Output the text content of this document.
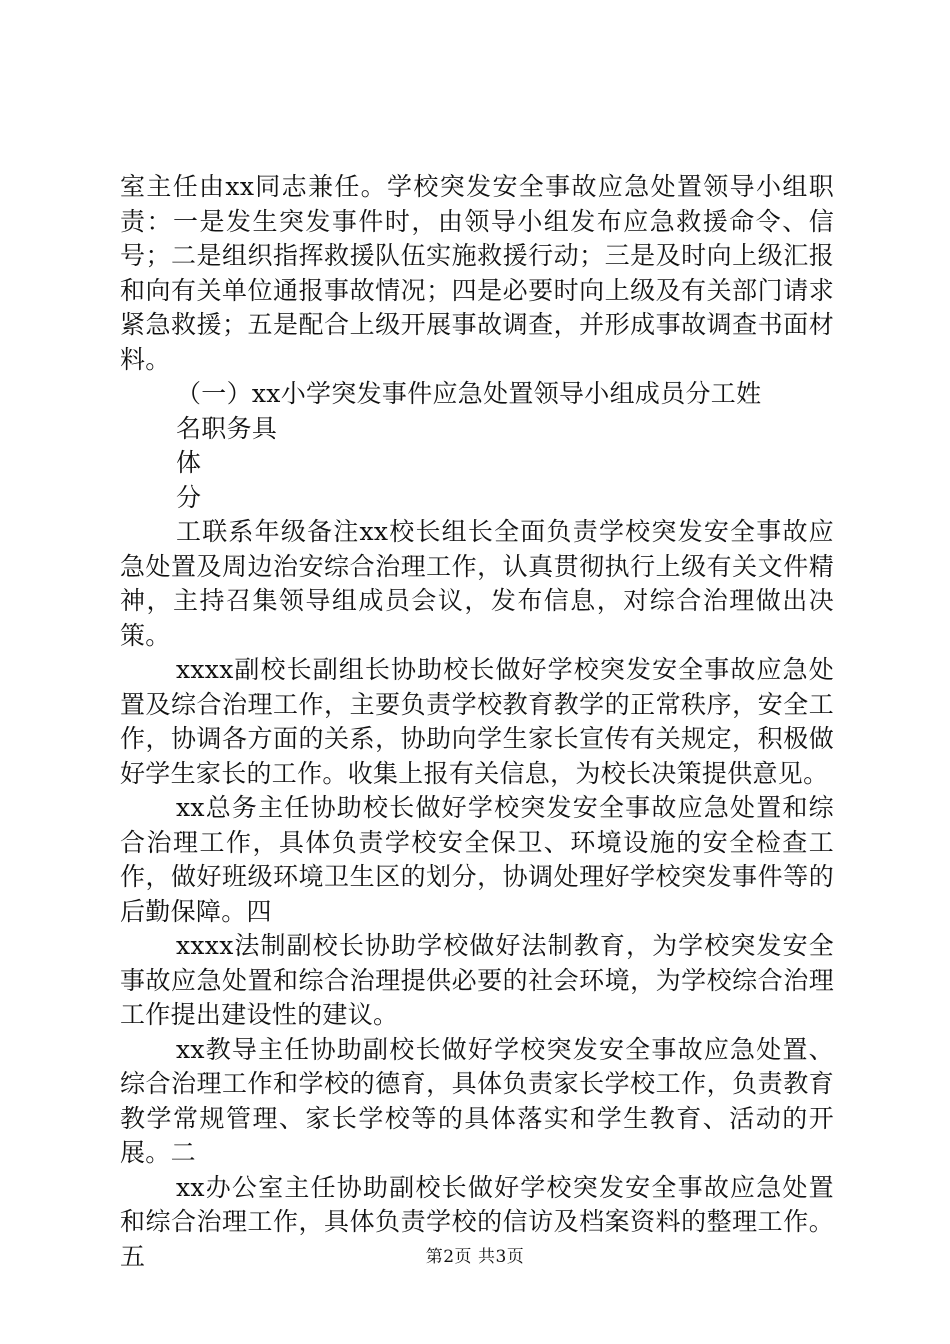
室主任由xx同志兼任。学校突发安全事故应急处置领导小组职责：一是发生突发事件时，由领导小组发布应急救援命令、信号；二是组织指挥救援队伍实施救援行动；三是及时向上级汇报和向有关单位通报事故情况；四是必要时向上级及有关部门请求紧急救援；五是配合上级开展事故调查，并形成事故调查书面材料。

（一）xx小学突发事件应急处置领导小组成员分工姓

名职务具

体

分

工联系年级备注xx校长组长全面负责学校突发安全事故应急处置及周边治安综合治理工作，认真贯彻执行上级有关文件精神，主持召集领导组成员会议，发布信息，对综合治理做出决策。

xxxx副校长副组长协助校长做好学校突发安全事故应急处置及综合治理工作，主要负责学校教育教学的正常秩序，安全工作，协调各方面的关系，协助向学生家长宣传有关规定，积极做好学生家长的工作。收集上报有关信息，为校长决策提供意见。

xx总务主任协助校长做好学校突发安全事故应急处置和综合治理工作，具体负责学校安全保卫、环境设施的安全检查工作，做好班级环境卫生区的划分，协调处理好学校突发事件等的后勤保障。四

xxxx法制副校长协助学校做好法制教育，为学校突发安全事故应急处置和综合治理提供必要的社会环境，为学校综合治理工作提出建设性的建议。

xx教导主任协助副校长做好学校突发安全事故应急处置、综合治理工作和学校的德育，具体负责家长学校工作，负责教育教学常规管理、家长学校等的具体落实和学生教育、活动的开展。二

xx办公室主任协助副校长做好学校突发安全事故应急处置和综合治理工作，具体负责学校的信访及档案资料的整理工作。五	第2页 共3页
